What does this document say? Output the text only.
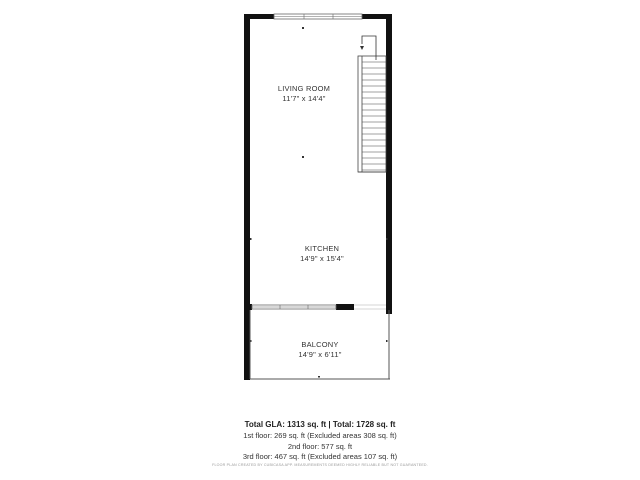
LIVING ROOM
11'7" x 14'4"
KITCHEN
14'9" x 15'4"
BALCONY
14'9" x 6'11"
Total GLA: 1313 sq. ft | Total: 1728 sq. ft
1st floor: 269 sq. ft (Excluded areas 308 sq. ft)
2nd floor: 577 sq. ft
3rd floor: 467 sq. ft (Excluded areas 107 sq. ft)
FLOOR PLAN CREATED BY CUBICASA APP. MEASUREMENTS DEEMED HIGHLY RELIABLE BUT NOT GUARANTEED.
